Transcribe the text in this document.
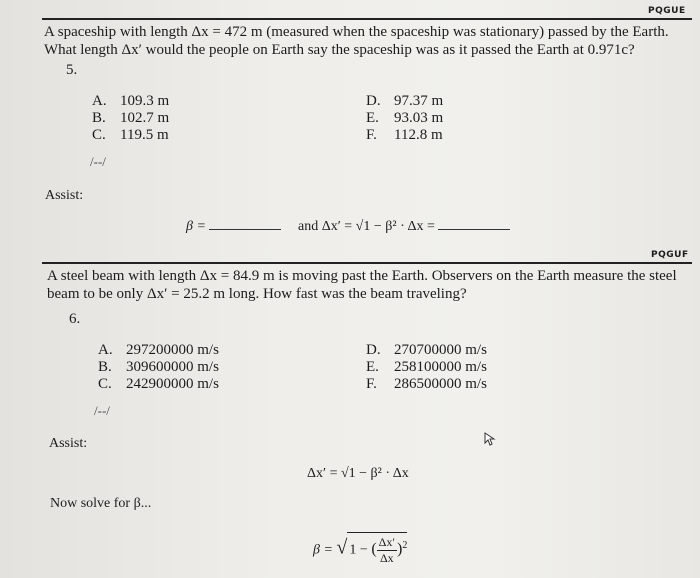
PQGUE
A spaceship with length Δx = 472 m (measured when the spaceship was stationary) passed by the Earth.
What length Δx′ would the people on Earth say the spaceship was as it passed the Earth at 0.971c?
5.
A. 109.3 m
B. 102.7 m
C. 119.5 m
D. 97.37 m
E. 93.03 m
F. 112.8 m
/--/
Assist:
β =	and Δx′ = √1 − β² · Δx =
PQGUF
A steel beam with length Δx = 84.9 m is moving past the Earth. Observers on the Earth measure the steel
beam to be only Δx′ = 25.2 m long. How fast was the beam traveling?
6.
A. 297200000 m/s
B. 309600000 m/s
C. 242900000 m/s
D. 270700000 m/s
E. 258100000 m/s
F. 286500000 m/s
/--/
Assist:
Δx′ = √1 − β² · Δx
Now solve for β...
β = √ 1 − ( $\frac{\Delta x'}{\Delta x} )^2$
